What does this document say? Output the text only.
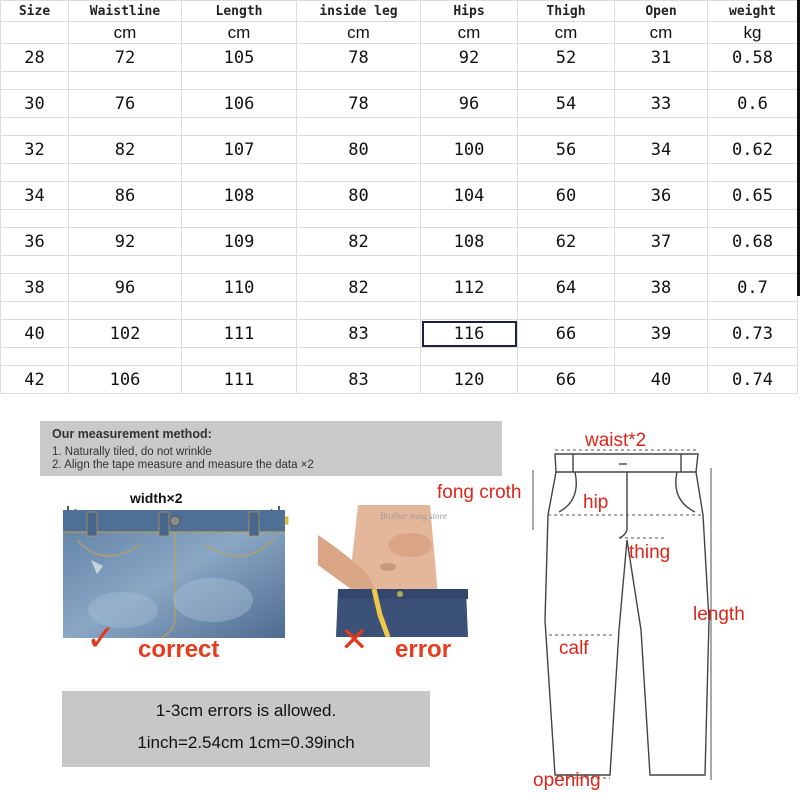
Size	Waistline	Length	inside leg	Hips	Thigh	Open	weight
	cm	cm	cm	cm	cm	cm	kg
28	72	105	78	92	52	31	0.58

30	76	106	78	96	54	33	0.6

32	82	107	80	100	56	34	0.62

34	86	108	80	104	60	36	0.65

36	92	109	82	108	62	37	0.68

38	96	110	82	112	64	38	0.7

40	102	111	83	116	66	39	0.73

42	106	111	83	120	66	40	0.74
Our measurement method:
1. Naturally tiled, do not wrinkle
2. Align the tape measure and measure the data ×2
width×2
Brother song store
✓ correct	✕ error
1-3cm errors is allowed.
1inch=2.54cm 1cm=0.39inch
waist*2
fong croth	hip
thing
length
calf
opening
